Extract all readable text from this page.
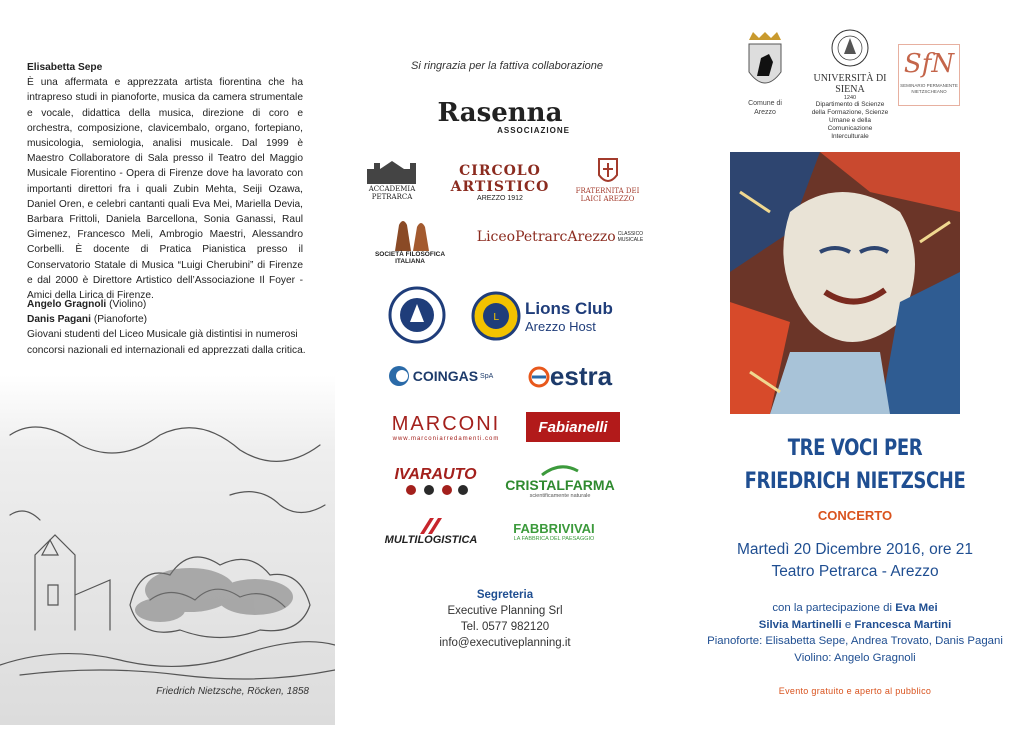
Elisabetta Sepe
È una affermata e apprezzata artista fiorentina che ha intrapreso studi in pianoforte, musica da camera strumentale e vocale, didattica della musica, direzione di coro e orchestra, composizione, clavicembalo, organo, fortepiano, musicologia, semiologia, analisi musicale. Dal 1999 è Maestro Collaboratore di Sala presso il Teatro del Maggio Musicale Fiorentino - Opera di Firenze dove ha lavorato con importanti direttori fra i quali Zubin Mehta, Seiji Ozawa, Daniel Oren, e celebri cantanti quali Eva Mei, Mariella Devia, Barbara Frittoli, Daniela Barcellona, Sonia Ganassi, Raul Gimenez, Francesco Meli, Ambrogio Maestri, Alessandro Corbelli. È docente di Pratica Pianistica presso il Conservatorio Statale di Musica “Luigi Cherubini” di Firenze e dal 2000 è Direttore Artistico dell’Associazione Il Foyer - Amici della Lirica di Firenze.
Angelo Gragnoli (Violino)
Danis Pagani (Pianoforte)
Giovani studenti del Liceo Musicale già distintisi in numerosi concorsi nazionali ed internazionali ed apprezzati dalla critica.
Friedrich Nietzsche, Röcken, 1858
Si ringrazia per la fattiva collaborazione
Rasenna
ASSOCIAZIONE
ACCADEMIA PETRARCA
CIRCOLO ARTISTICO
AREZZO 1912
FRATERNITA DEI LAICI AREZZO
SOCIETÀ FILOSOFICA ITALIANA
LiceoPetrarcArezzo CLASSICO MUSICALE
L Lions Club
Arezzo Host
COINGAS SpA estra
MARCONI
www.marconiarredamenti.com
Fabianelli
IVARAUTO
CRISTALFARMA
scientificamente naturale
MULTILOGISTICA
FABBRIVIVAI
LA FABBRICA DEL PAESAGGIO
Segreteria
Executive Planning Srl
Tel. 0577 982120
info@executiveplanning.it
Comune di Arezzo
UNIVERSITÀ DI SIENA
1240
Dipartimento di Scienze della Formazione, Scienze Umane e della Comunicazione Interculturale
SfN
SEMINARIO PERMANENTE NIETZSCHEANO
TRE VOCI PER
FRIEDRICH NIETZSCHE
CONCERTO
Martedì 20 Dicembre 2016, ore 21
Teatro Petrarca - Arezzo
con la partecipazione di Eva Mei
Silvia Martinelli e Francesca Martini
Pianoforte: Elisabetta Sepe, Andrea Trovato, Danis Pagani
Violino: Angelo Gragnoli
Evento gratuito e aperto al pubblico
